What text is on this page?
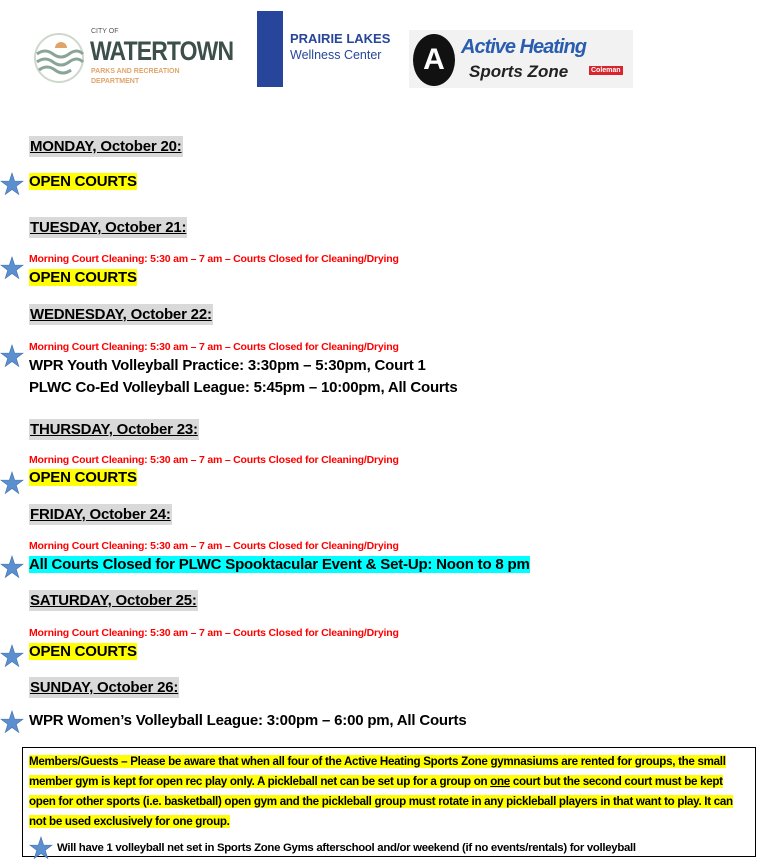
CITY OF
WATERTOWN
PARKS AND RECREATION
DEPARTMENT
PRAIRIE LAKES
Wellness Center	A Active Heating
Sports Zone	Coleman
MONDAY, October 20:
OPEN COURTS
TUESDAY, October 21:
Morning Court Cleaning: 5:30 am – 7 am – Courts Closed for Cleaning/Drying
OPEN COURTS
WEDNESDAY, October 22:
Morning Court Cleaning: 5:30 am – 7 am – Courts Closed for Cleaning/Drying
WPR Youth Volleyball Practice: 3:30pm – 5:30pm, Court 1
PLWC Co-Ed Volleyball League: 5:45pm – 10:00pm, All Courts
THURSDAY, October 23:
Morning Court Cleaning: 5:30 am – 7 am – Courts Closed for Cleaning/Drying
OPEN COURTS
FRIDAY, October 24:
Morning Court Cleaning: 5:30 am – 7 am – Courts Closed for Cleaning/Drying
All Courts Closed for PLWC Spooktacular Event & Set-Up: Noon to 8 pm
SATURDAY, October 25:
Morning Court Cleaning: 5:30 am – 7 am – Courts Closed for Cleaning/Drying
OPEN COURTS
SUNDAY, October 26:
WPR Women’s Volleyball League: 3:00pm – 6:00 pm, All Courts

Members/Guests – Please be aware that when all four of the Active Heating Sports Zone gymnasiums are rented for groups, the small member gym is kept for open rec play only. A pickleball net can be set up for a group on one court but the second court must be kept open for other sports (i.e. basketball) open gym and the pickleball group must rotate in any pickleball players in that want to play. It can not be used exclusively for one group.

Will have 1 volleyball net set in Sports Zone Gyms afterschool and/or weekend (if no events/rentals) for volleyball
